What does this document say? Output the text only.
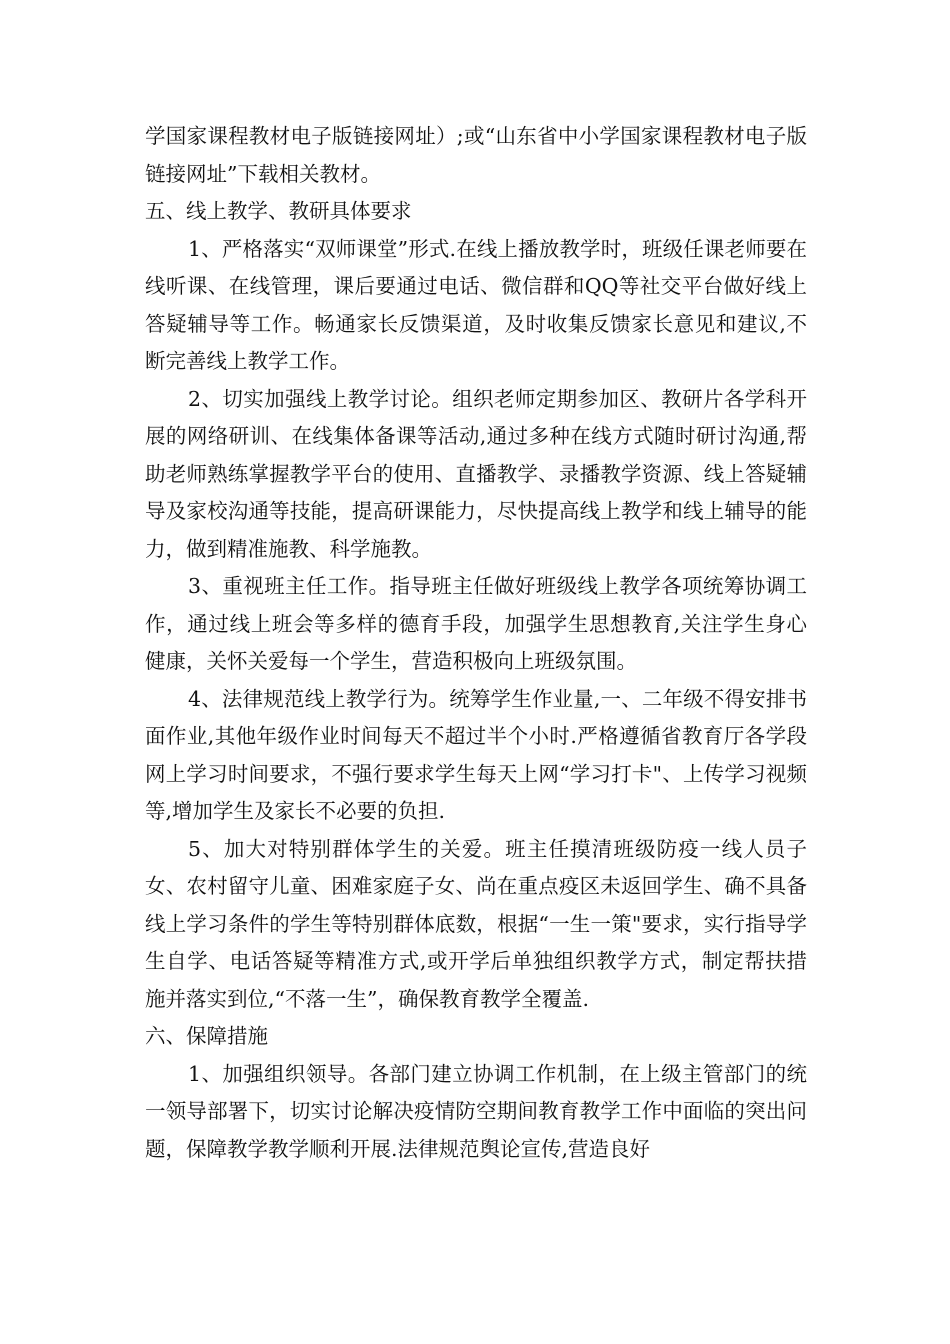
学国家课程教材电子版链接网址）;或“山东省中小学国家课程教材电子版链接网址”下载相关教材。

五、线上教学、教研具体要求

1、严格落实“双师课堂”形式.在线上播放教学时，班级任课老师要在线听课、在线管理，课后要通过电话、微信群和QQ等社交平台做好线上答疑辅导等工作。畅通家长反馈渠道，及时收集反馈家长意见和建议,不断完善线上教学工作。

2、切实加强线上教学讨论。组织老师定期参加区、教研片各学科开展的网络研训、在线集体备课等活动,通过多种在线方式随时研讨沟通,帮助老师熟练掌握教学平台的使用、直播教学、录播教学资源、线上答疑辅导及家校沟通等技能，提高研课能力，尽快提高线上教学和线上辅导的能力，做到精准施教、科学施教。

3、重视班主任工作。指导班主任做好班级线上教学各项统筹协调工作，通过线上班会等多样的德育手段，加强学生思想教育,关注学生身心健康，关怀关爱每一个学生，营造积极向上班级氛围。

4、法律规范线上教学行为。统筹学生作业量,一、二年级不得安排书面作业,其他年级作业时间每天不超过半个小时.严格遵循省教育厅各学段网上学习时间要求，不强行要求学生每天上网“学习打卡"、上传学习视频等,增加学生及家长不必要的负担.

5、加大对特别群体学生的关爱。班主任摸清班级防疫一线人员子女、农村留守儿童、困难家庭子女、尚在重点疫区未返回学生、确不具备线上学习条件的学生等特别群体底数，根据“一生一策"要求，实行指导学生自学、电话答疑等精准方式,或开学后单独组织教学方式，制定帮扶措施并落实到位,“不落一生”，确保教育教学全覆盖.

六、保障措施

1、加强组织领导。各部门建立协调工作机制，在上级主管部门的统一领导部署下，切实讨论解决疫情防空期间教育教学工作中面临的突出问题，保障教学教学顺利开展.法律规范舆论宣传,营造良好
